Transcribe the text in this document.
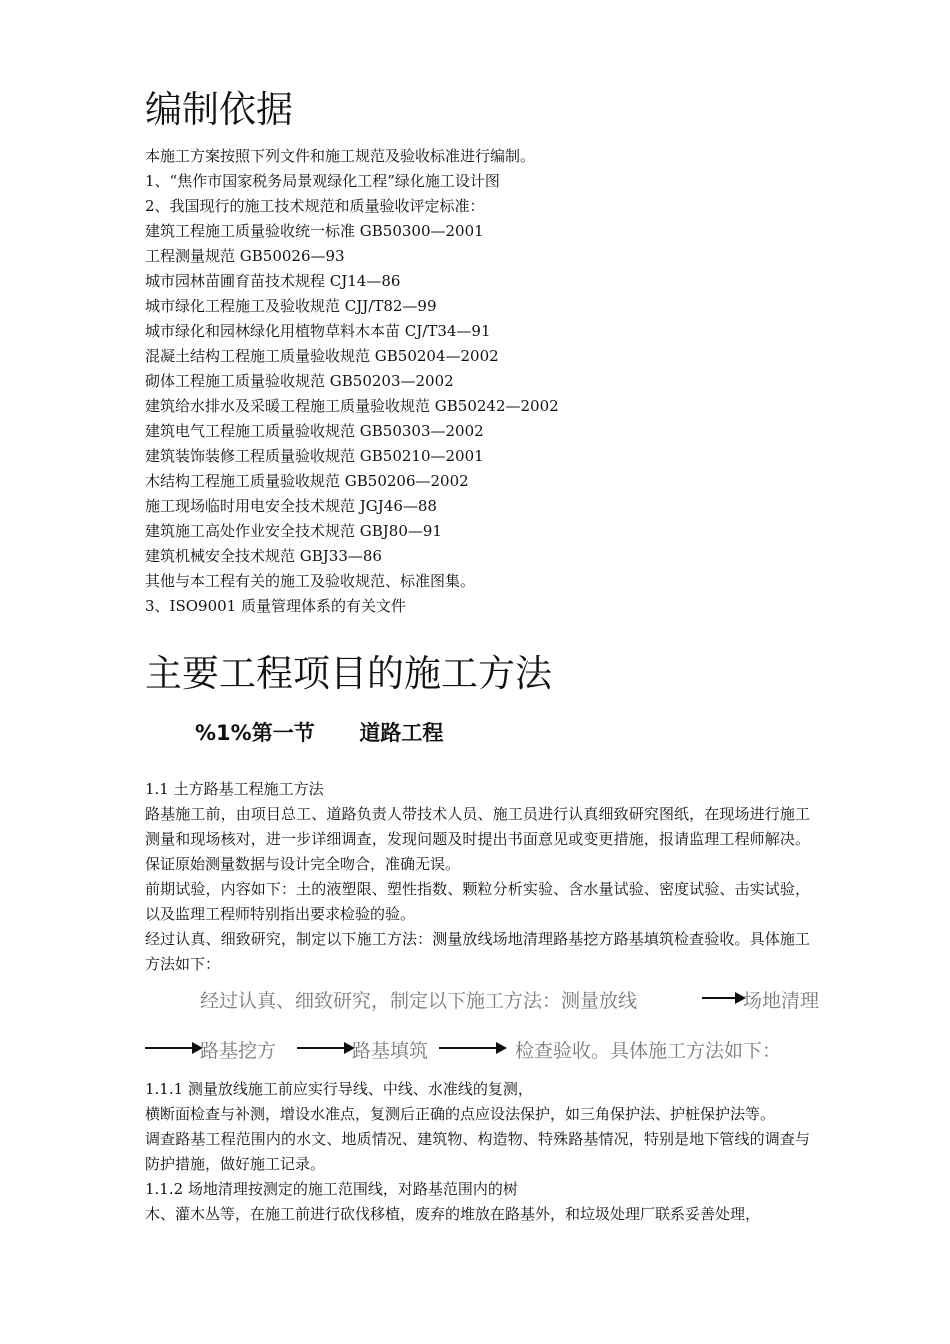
编制依据
本施工方案按照下列文件和施工规范及验收标准进行编制。
1、“焦作市国家税务局景观绿化工程”绿化施工设计图
2、我国现行的施工技术规范和质量验收评定标准：
建筑工程施工质量验收统一标准 GB50300—2001
工程测量规范 GB50026—93
城市园林苗圃育苗技术规程 CJ14—86
城市绿化工程施工及验收规范 CJJ/T82—99
城市绿化和园林绿化用植物草料木本苗 CJ/T34—91
混凝土结构工程施工质量验收规范 GB50204—2002
砌体工程施工质量验收规范 GB50203—2002
建筑给水排水及采暖工程施工质量验收规范 GB50242—2002
建筑电气工程施工质量验收规范 GB50303—2002
建筑装饰装修工程质量验收规范 GB50210—2001
木结构工程施工质量验收规范 GB50206—2002
施工现场临时用电安全技术规范 JGJ46—88
建筑施工高处作业安全技术规范 GBJ80—91
建筑机械安全技术规范 GBJ33—86
其他与本工程有关的施工及验收规范、标准图集。
3、ISO9001 质量管理体系的有关文件
主要工程项目的施工方法
%1%第一节 道路工程
1.1 土方路基工程施工方法
路基施工前，由项目总工、道路负责人带技术人员、施工员进行认真细致研究图纸，在现场进行施工测量和现场核对，进一步详细调查，发现问题及时提出书面意见或变更措施，报请监理工程师解决。保证原始测量数据与设计完全吻合，准确无误。
前期试验，内容如下：土的液塑限、塑性指数、颗粒分析实验、含水量试验、密度试验、击实试验，以及监理工程师特别指出要求检验的验。
经过认真、细致研究，制定以下施工方法：测量放线场地清理路基挖方路基填筑检查验收。具体施工方法如下：
经过认真、细致研究，制定以下施工方法：测量放线	场地清理
路基挖方	路基填筑	检查验收。具体施工方法如下：
1.1.1 测量放线施工前应实行导线、中线、水准线的复测，
横断面检查与补测，增设水准点，复测后正确的点应设法保护，如三角保护法、护桩保护法等。
调查路基工程范围内的水文、地质情况、建筑物、构造物、特殊路基情况，特别是地下管线的调查与防护措施，做好施工记录。
1.1.2 场地清理按测定的施工范围线，对路基范围内的树
木、灌木丛等，在施工前进行砍伐移植，废弃的堆放在路基外，和垃圾处理厂联系妥善处理，
